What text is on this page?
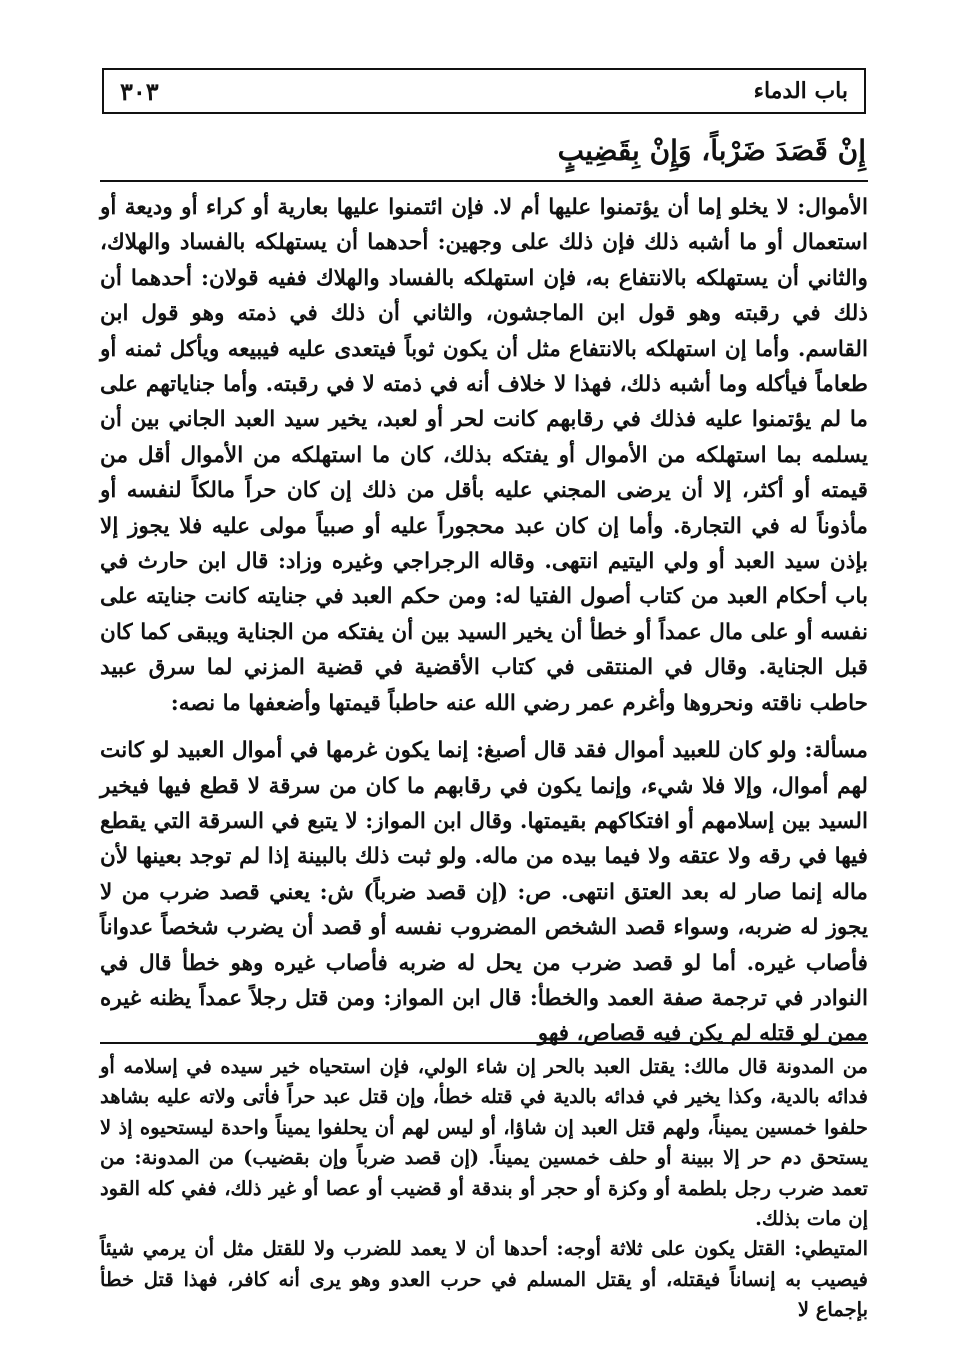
باب الدماء
٣٠٣
إِنْ قَصَدَ ضَرْباً، وَإِنْ بِقَضِيبٍ

الأموال: لا يخلو إما أن يؤتمنوا عليها أم لا. فإن ائتمنوا عليها بعارية أو كراء أو وديعة أو استعمال أو ما أشبه ذلك فإن ذلك على وجهين: أحدهما أن يستهلكه بالفساد والهلاك، والثاني أن يستهلكه بالانتفاع به، فإن استهلكه بالفساد والهلاك ففيه قولان: أحدهما أن ذلك في رقبته وهو قول ابن الماجشون، والثاني أن ذلك في ذمته وهو قول ابن القاسم. وأما إن استهلكه بالانتفاع مثل أن يكون ثوباً فيتعدى عليه فيبيعه ويأكل ثمنه أو طعاماً فيأكله وما أشبه ذلك، فهذا لا خلاف أنه في ذمته لا في رقبته. وأما جناياتهم على ما لم يؤتمنوا عليه فذلك في رقابهم كانت لحر أو لعبد، يخير سيد العبد الجاني بين أن يسلمه بما استهلكه من الأموال أو يفتكه بذلك، كان ما استهلكه من الأموال أقل من قيمته أو أكثر، إلا أن يرضى المجني عليه بأقل من ذلك إن كان حراً مالكاً لنفسه أو مأذوناً له في التجارة. وأما إن كان عبد محجوراً عليه أو صبياً مولى عليه فلا يجوز إلا بإذن سيد العبد أو ولي اليتيم انتهى. وقاله الرجراجي وغيره وزاد: قال ابن حارث في باب أحكام العبد من كتاب أصول الفتيا له: ومن حكم العبد في جنايته كانت جنايته على نفسه أو على مال عمداً أو خطأ أن يخير السيد بين أن يفتكه من الجناية ويبقى كما كان قبل الجناية. وقال في المنتقى في كتاب الأقضية في قضية المزني لما سرق عبيد حاطب ناقته ونحروها وأغرم عمر رضي الله عنه حاطباً قيمتها وأضعفها ما نصه:

مسألة: ولو كان للعبيد أموال فقد قال أصبغ: إنما يكون غرمها في أموال العبيد لو كانت لهم أموال، وإلا فلا شيء، وإنما يكون في رقابهم ما كان من سرقة لا قطع فيها فيخير السيد بين إسلامهم أو افتكاكهم بقيمتها. وقال ابن المواز: لا يتبع في السرقة التي يقطع فيها في رقه ولا عتقه ولا فيما بيده من ماله. ولو ثبت ذلك بالبينة إذا لم توجد بعينها لأن ماله إنما صار له بعد العتق انتهى. ص: (إن قصد ضرباً) ش: يعني قصد ضرب من لا يجوز له ضربه، وسواء قصد الشخص المضروب نفسه أو قصد أن يضرب شخصاً عدواناً فأصاب غيره. أما لو قصد ضرب من يحل له ضربه فأصاب غيره وهو خطأ قال في النوادر في ترجمة صفة العمد والخطأ: قال ابن المواز: ومن قتل رجلاً عمداً يظنه غيره ممن لو قتله لم يكن فيه قصاص، فهو

من المدونة قال مالك: يقتل العبد بالحر إن شاء الولي، فإن استحياه خير سيده في إسلامه أو فدائه بالدية، وكذا يخير في فدائه بالدية في قتله خطأ، وإن قتل عبد حراً فأتى ولاته عليه بشاهد حلفوا خمسين يميناً، ولهم قتل العبد إن شاؤا، أو ليس لهم أن يحلفوا يميناً واحدة ليستحيوه إذ لا يستحق دم حر إلا ببينة أو حلف خمسين يميناً. (إن قصد ضرباً وإن بقضيب) من المدونة: من تعمد ضرب رجل بلطمة أو وكزة أو حجر أو بندقة أو قضيب أو عصا أو غير ذلك، ففي كله القود إن مات بذلك.

المتيطي: القتل يكون على ثلاثة أوجه: أحدها أن لا يعمد للضرب ولا للقتل مثل أن يرمي شيئاً فيصيب به إنساناً فيقتله، أو يقتل المسلم في حرب العدو وهو يرى أنه كافر، فهذا قتل خطأ بإجماع لا
